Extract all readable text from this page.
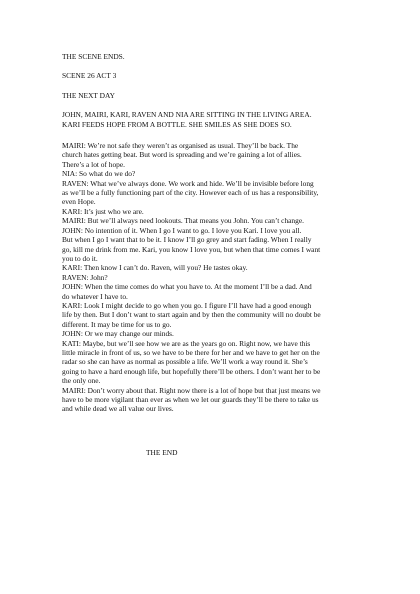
THE SCENE ENDS.

SCENE 26 ACT 3

THE NEXT DAY

JOHN, MAIRI, KARI, RAVEN AND NIA ARE SITTING IN THE LIVING AREA.

KARI FEEDS HOPE FROM A BOTTLE. SHE SMILES AS SHE DOES SO.

MAIRI: We’re not safe they weren’t as organised as usual. They’ll be back. The

church hates getting beat. But word is spreading and we’re gaining a lot of allies.

There’s a lot of hope.

NIA: So what do we do?

RAVEN: What we’ve always done. We work and hide. We’ll be invisible before long

as we’ll be a fully functioning part of the city. However each of us has a responsibility,

even Hope.

KARI: It’s just who we are.

MAIRI: But we’ll always need lookouts. That means you John. You can’t change.

JOHN: No intention of it. When I go I want to go. I love you Kari. I love you all.

But when I go I want that to be it. I know I’ll go grey and start fading. When I really

go, kill me drink from me. Kari, you know I love you, but when that time comes I want

you to do it.

KARI: Then know I can’t do. Raven, will you? He tastes okay.

RAVEN: John?

JOHN: When the time comes do what you have to. At the moment I’ll be a dad. And

do whatever I have to.

KARI: Look I might decide to go when you go. I figure I’ll have had a good enough

life by then. But I don’t want to start again and by then the community will no doubt be

different. It may be time for us to go.

JOHN: Or we may change our minds.

KATI: Maybe, but we’ll see how we are as the years go on. Right now, we have this

little miracle in front of us, so we have to be there for her and we have to get her on the

radar so she can have as normal as possible a life. We’ll work a way round it. She’s

going to have a hard enough life, but hopefully there’ll be others. I don’t want her to be

the only one.

MAIRI: Don’t worry about that. Right now there is a lot of hope but that just means we

have to be more vigilant than ever as when we let our guards they’ll be there to take us

and while dead we all value our lives.

THE END
